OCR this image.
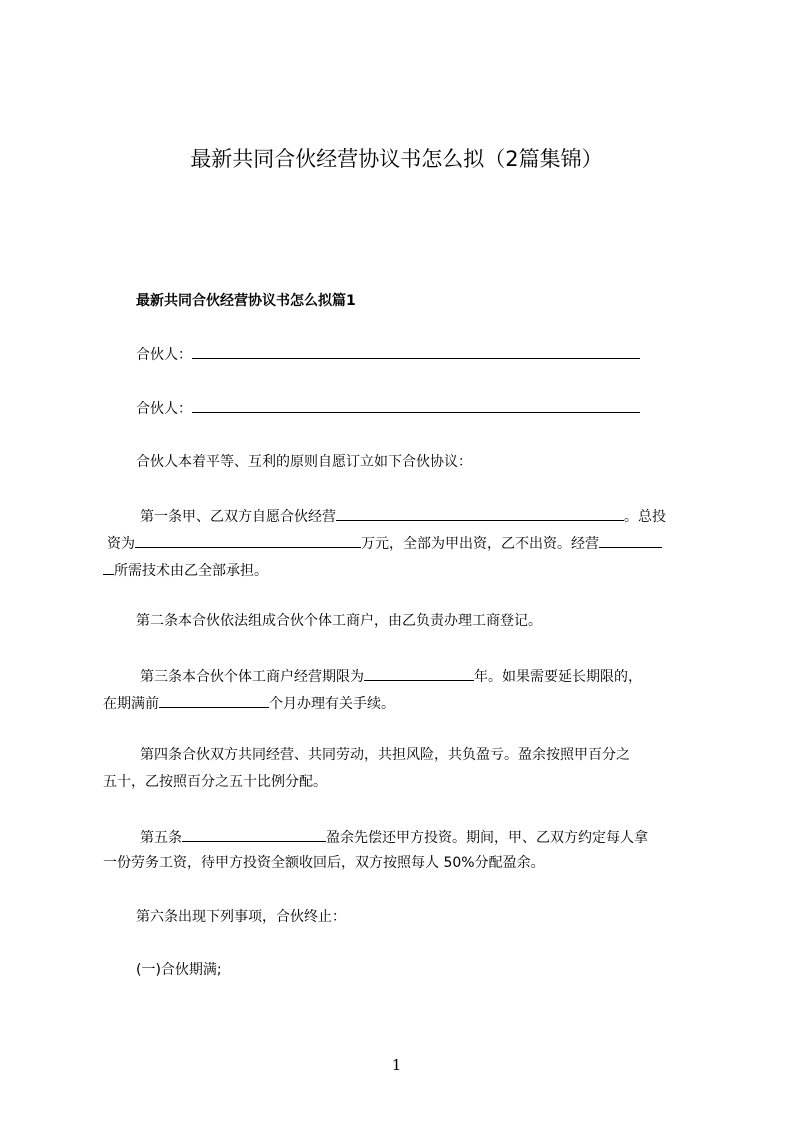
最新共同合伙经营协议书怎么拟（2篇集锦）
最新共同合伙经营协议书怎么拟篇1
合伙人：
合伙人：
合伙人本着平等、互利的原则自愿订立如下合伙协议：
第一条甲、乙双方自愿合伙经营	。总投
资为	万元，全部为甲出资，乙不出资。经营
所需技术由乙全部承担。
第二条本合伙依法组成合伙个体工商户，由乙负责办理工商登记。
第三条本合伙个体工商户经营期限为	年。如果需要延长期限的，
在期满前	个月办理有关手续。
第四条合伙双方共同经营、共同劳动，共担风险，共负盈亏。盈余按照甲百分之
五十，乙按照百分之五十比例分配。
第五条	盈余先偿还甲方投资。期间，甲、乙双方约定每人拿
一份劳务工资，待甲方投资全额收回后，双方按照每人 50%分配盈余。
第六条出现下列事项，合伙终止：
(一)合伙期满;
1
